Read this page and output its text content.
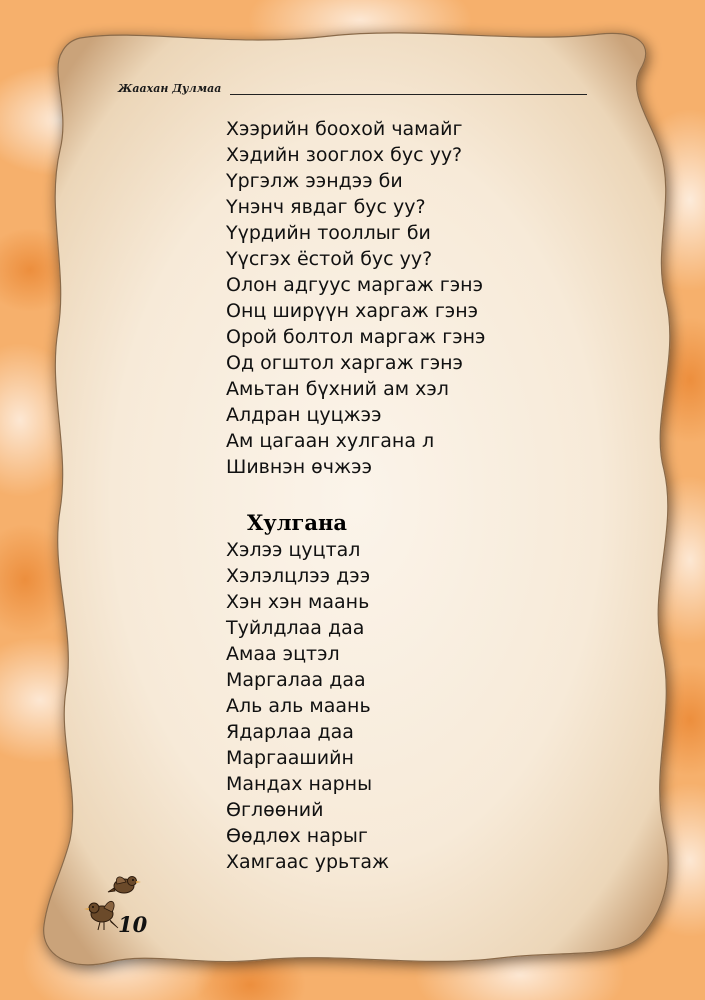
Жаахан Дулмаа
Хээрийн боохой чамайг
Хэдийн зооглох бус уу?
Үргэлж ээндээ би
Үнэнч явдаг бус уу?
Үүрдийн тооллыг би
Үүсгэх ёстой бус уу?
Олон адгуус маргаж гэнэ
Онц ширүүн харгаж гэнэ
Орой болтол маргаж гэнэ
Од огштол харгаж гэнэ
Амьтан бүхний ам хэл
Алдран цуцжээ
Ам цагаан хулгана л
Шивнэн өчжээ
Хулгана
Хэлээ цуцтал
Хэлэлцлээ дээ
Хэн хэн маань
Туйлдлаа даа
Амаа эцтэл
Маргалаа даа
Аль аль маань
Ядарлаа даа
Маргаашийн
Мандах нарны
Өглөөний
Өөдлөх нарыг
Хамгаас урьтаж
10
